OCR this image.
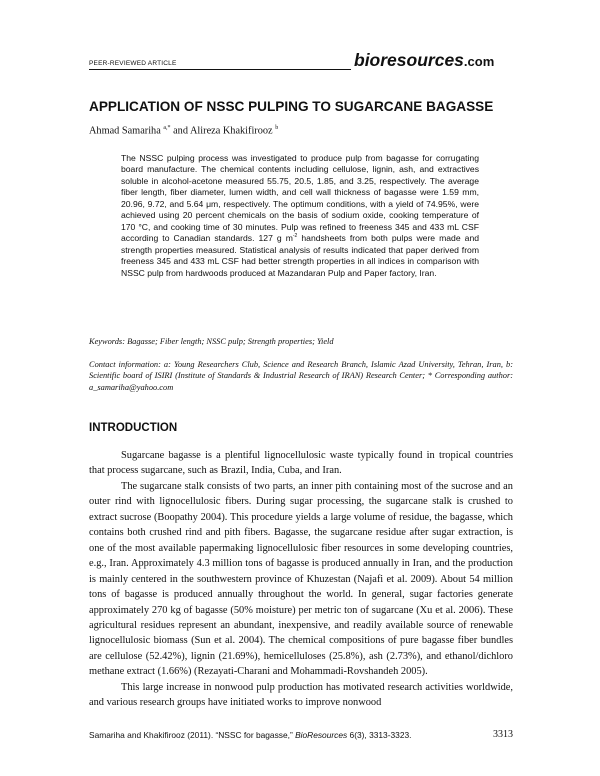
PEER-REVIEWED ARTICLE	bioresources.com
APPLICATION OF NSSC PULPING TO SUGARCANE BAGASSE
Ahmad Samariha $^{a,*}$ and Alireza Khakifirooz $^b$
The NSSC pulping process was investigated to produce pulp from bagasse for corrugating board manufacture. The chemical contents including cellulose, lignin, ash, and extractives soluble in alcohol-acetone measured 55.75, 20.5, 1.85, and 3.25, respectively. The average fiber length, fiber diameter, lumen width, and cell wall thickness of bagasse were 1.59 mm, 20.96, 9.72, and 5.64 μm, respectively. The optimum conditions, with a yield of 74.95%, were achieved using 20 percent chemicals on the basis of sodium oxide, cooking temperature of 170 °C, and cooking time of 30 minutes. Pulp was refined to freeness 345 and 433 mL CSF according to Canadian standards. 127 g $m^{-2}$ handsheets from both pulps were made and strength properties measured. Statistical analysis of results indicated that paper derived from freeness 345 and 433 mL CSF had better strength properties in all indices in comparison with NSSC pulp from hardwoods produced at Mazandaran Pulp and Paper factory, Iran.
Keywords: Bagasse; Fiber length; NSSC pulp; Strength properties; Yield
Contact information: a: Young Researchers Club, Science and Research Branch, Islamic Azad University, Tehran, Iran, b: Scientific board of ISIRI (Institute of Standards & Industrial Research of IRAN) Research Center; * Corresponding author: a_samariha@yahoo.com
INTRODUCTION

Sugarcane bagasse is a plentiful lignocellulosic waste typically found in tropical countries that process sugarcane, such as Brazil, India, Cuba, and Iran.

The sugarcane stalk consists of two parts, an inner pith containing most of the sucrose and an outer rind with lignocellulosic fibers. During sugar processing, the sugarcane stalk is crushed to extract sucrose (Boopathy 2004). This procedure yields a large volume of residue, the bagasse, which contains both crushed rind and pith fibers. Bagasse, the sugarcane residue after sugar extraction, is one of the most available papermaking lignocellulosic fiber resources in some developing countries, e.g., Iran. Approximately 4.3 million tons of bagasse is produced annually in Iran, and the production is mainly centered in the southwestern province of Khuzestan (Najafi et al. 2009). About 54 million tons of bagasse is produced annually throughout the world. In general, sugar factories generate approximately 270 kg of bagasse (50% moisture) per metric ton of sugarcane (Xu et al. 2006). These agricultural residues represent an abundant, inexpensive, and readily available source of renewable lignocellulosic biomass (Sun et al. 2004). The chemical compositions of pure bagasse fiber bundles are cellulose (52.42%), lignin (21.69%), hemicelluloses (25.8%), ash (2.73%), and ethanol/dichloro methane extract (1.66%) (Rezayati-Charani and Mohammadi-Rovshandeh 2005).

This large increase in nonwood pulp production has motivated research activities worldwide, and various research groups have initiated works to improve nonwood

Samariha and Khakifirooz (2011). “NSSC for bagasse,” BioResources 6(3), 3313-3323.	3313
